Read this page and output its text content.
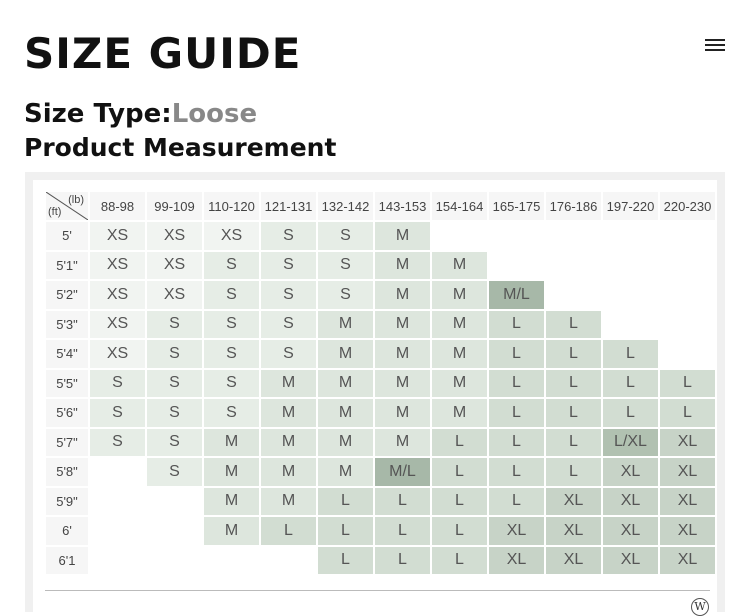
SIZE GUIDE
Size Type:Loose
Product Measurement
(lb)
(ft)	88-98	99-109	110-120	121-131	132-142	143-153	154-164	165-175	176-186	197-220	220-230
5'	XS	XS	XS	S	S	M					
5'1"	XS	XS	S	S	S	M	M				
5'2"	XS	XS	S	S	S	M	M	M/L			
5'3"	XS	S	S	S	M	M	M	L	L		
5'4"	XS	S	S	S	M	M	M	L	L	L	
5'5"	S	S	S	M	M	M	M	L	L	L	L
5'6"	S	S	S	M	M	M	M	L	L	L	L
5'7"	S	S	M	M	M	M	L	L	L	L/XL	XL
5'8"		S	M	M	M	M/L	L	L	L	XL	XL
5'9"			M	M	L	L	L	L	XL	XL	XL
6'			M	L	L	L	L	XL	XL	XL	XL
6'1					L	L	L	XL	XL	XL	XL
W
